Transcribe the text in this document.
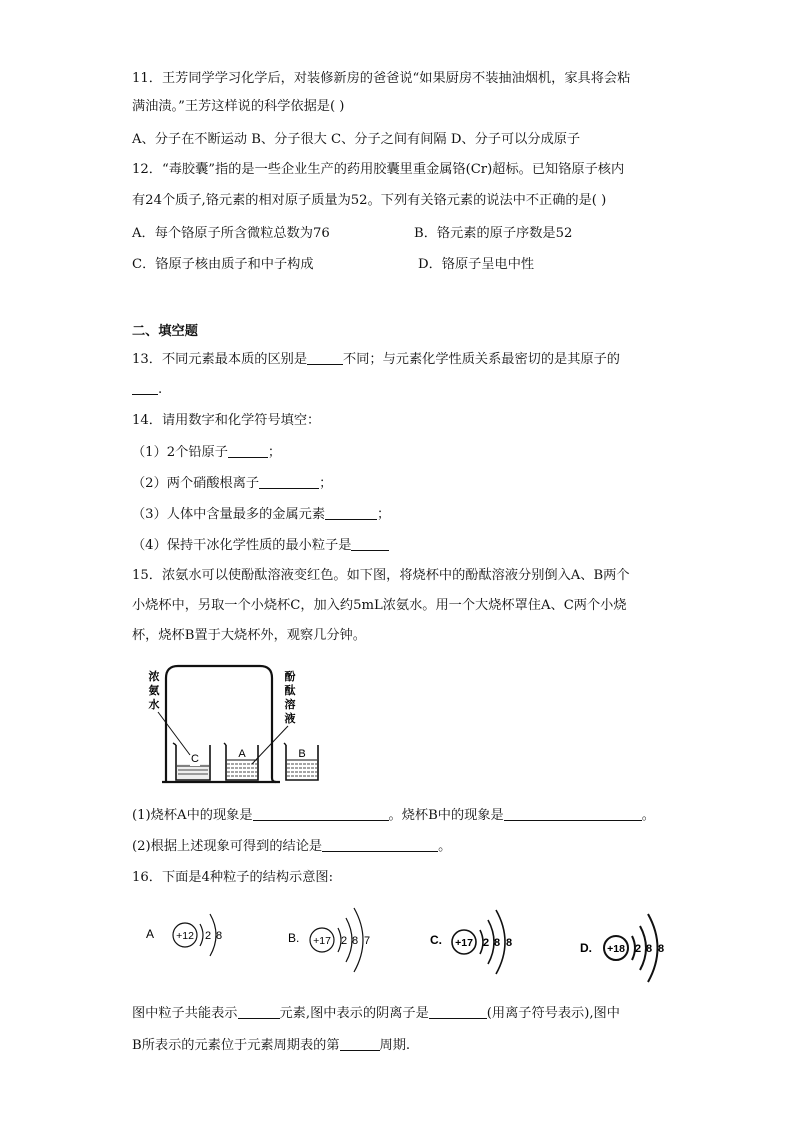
11．王芳同学学习化学后，对装修新房的爸爸说“如果厨房不装抽油烟机，家具将会粘
满油渍。”王芳这样说的科学依据是( )
A、分子在不断运动 B、分子很大 C、分子之间有间隔 D、分子可以分成原子
12．“毒胶囊”指的是一些企业生产的药用胶囊里重金属铬(Cr)超标。已知铬原子核内
有24个质子,铬元素的相对原子质量为52。下列有关铬元素的说法中不正确的是( )
A．每个铬原子所含微粒总数为76	B．铬元素的原子序数是52
C．铬原子核由质子和中子构成	D．铬原子呈电中性
二、填空题
13．不同元素最本质的区别是	不同；与元素化学性质关系最密切的是其原子的
.
14．请用数字和化学符号填空：
（1）2个铅原子	；
（2）两个硝酸根离子	；
（3）人体中含量最多的金属元素	；
（4）保持干冰化学性质的最小粒子是
15．浓氨水可以使酚酞溶液变红色。如下图，将烧杯中的酚酞溶液分别倒入A、B两个
小烧杯中，另取一个小烧杯C，加入约5mL浓氨水。用一个大烧杯罩住A、C两个小烧
杯，烧杯B置于大烧杯外，观察几分钟。
C	A	B
浓
氨
水
酚
酞
溶
液
(1)烧杯A中的现象是	。烧杯B中的现象是	。
(2)根据上述现象可得到的结论是	。
16．下面是4种粒子的结构示意图:
A +12 2 8	B. +17 2 8 7	C. +17 2 8 8	D. +18 2 8 8
图中粒子共能表示	元素,图中表示的阴离子是	(用离子符号表示),图中
B所表示的元素位于元素周期表的第	周期.
